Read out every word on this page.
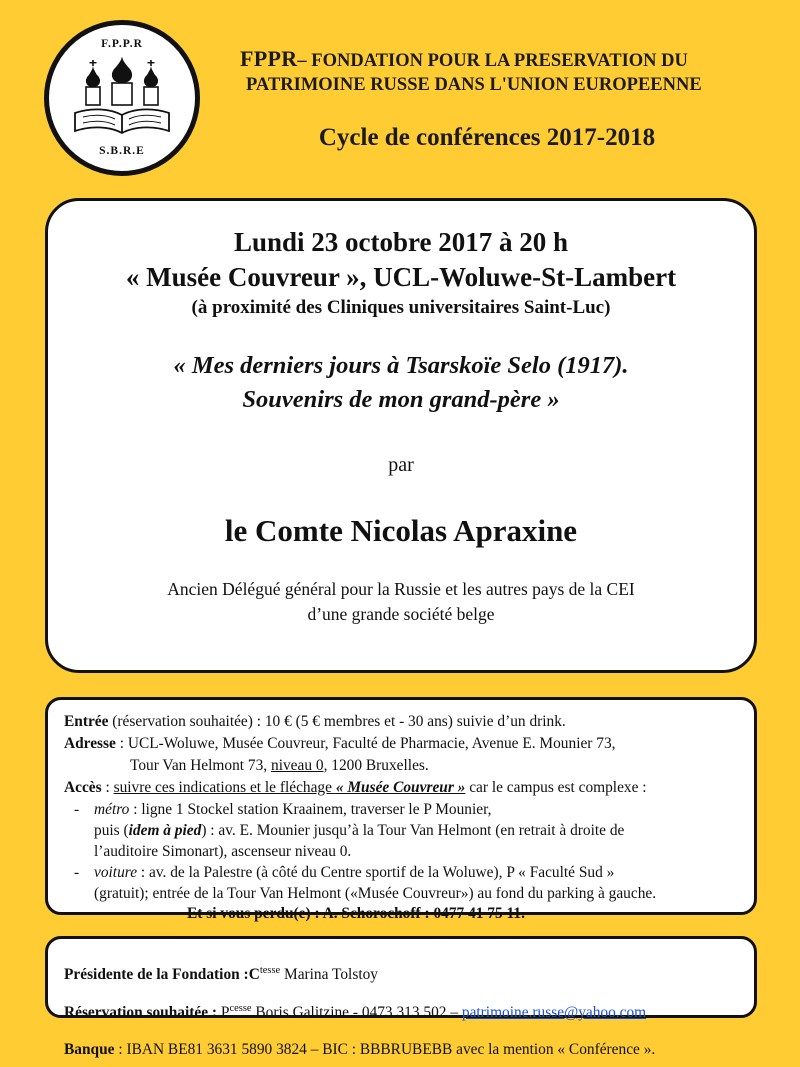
F.P.P.R
S.B.R.E
FPPR– FONDATION POUR LA PRESERVATION DU
PATRIMOINE RUSSE DANS L'UNION EUROPEENNE
Cycle de conférences 2017-2018
Lundi 23 octobre 2017 à 20 h
« Musée Couvreur », UCL-Woluwe-St-Lambert
(à proximité des Cliniques universitaires Saint-Luc)
« Mes derniers jours à Tsarskoïe Selo (1917).
Souvenirs de mon grand-père »
par
le Comte Nicolas Apraxine
Ancien Délégué général pour la Russie et les autres pays de la CEI
d’une grande société belge

Entrée (réservation souhaitée) : 10 € (5 € membres et - 30 ans) suivie d’un drink.

Adresse : UCL-Woluwe, Musée Couvreur, Faculté de Pharmacie, Avenue E. Mounier 73,

Tour Van Helmont 73, niveau 0, 1200 Bruxelles.

Accès : suivre ces indications et le fléchage « Musée Couvreur » car le campus est complexe :

- métro : ligne 1 Stockel station Kraainem, traverser le P Mounier,
puis (idem à pied) : av. E. Mounier jusqu’à la Tour Van Helmont (en retrait à droite de
l’auditoire Simonart), ascenseur niveau 0.
- voiture : av. de la Palestre (à côté du Centre sportif de la Woluwe), P « Faculté Sud »
(gratuit); entrée de la Tour Van Helmont («Musée Couvreur») au fond du parking à gauche.

Et si vous perdu(e) : A. Schorochoff : 0477 41 75 11.

Présidente de la Fondation $:C^{tesse}$ Marina Tolstoy

Réservation souhaitée : $P^{cesse}$ Boris Galitzine - 0473 313 502 – patrimoine.russe@yahoo.com

Banque : IBAN BE81 3631 5890 3824 – BIC : BBBRUBEBB avec la mention « Conférence ».
